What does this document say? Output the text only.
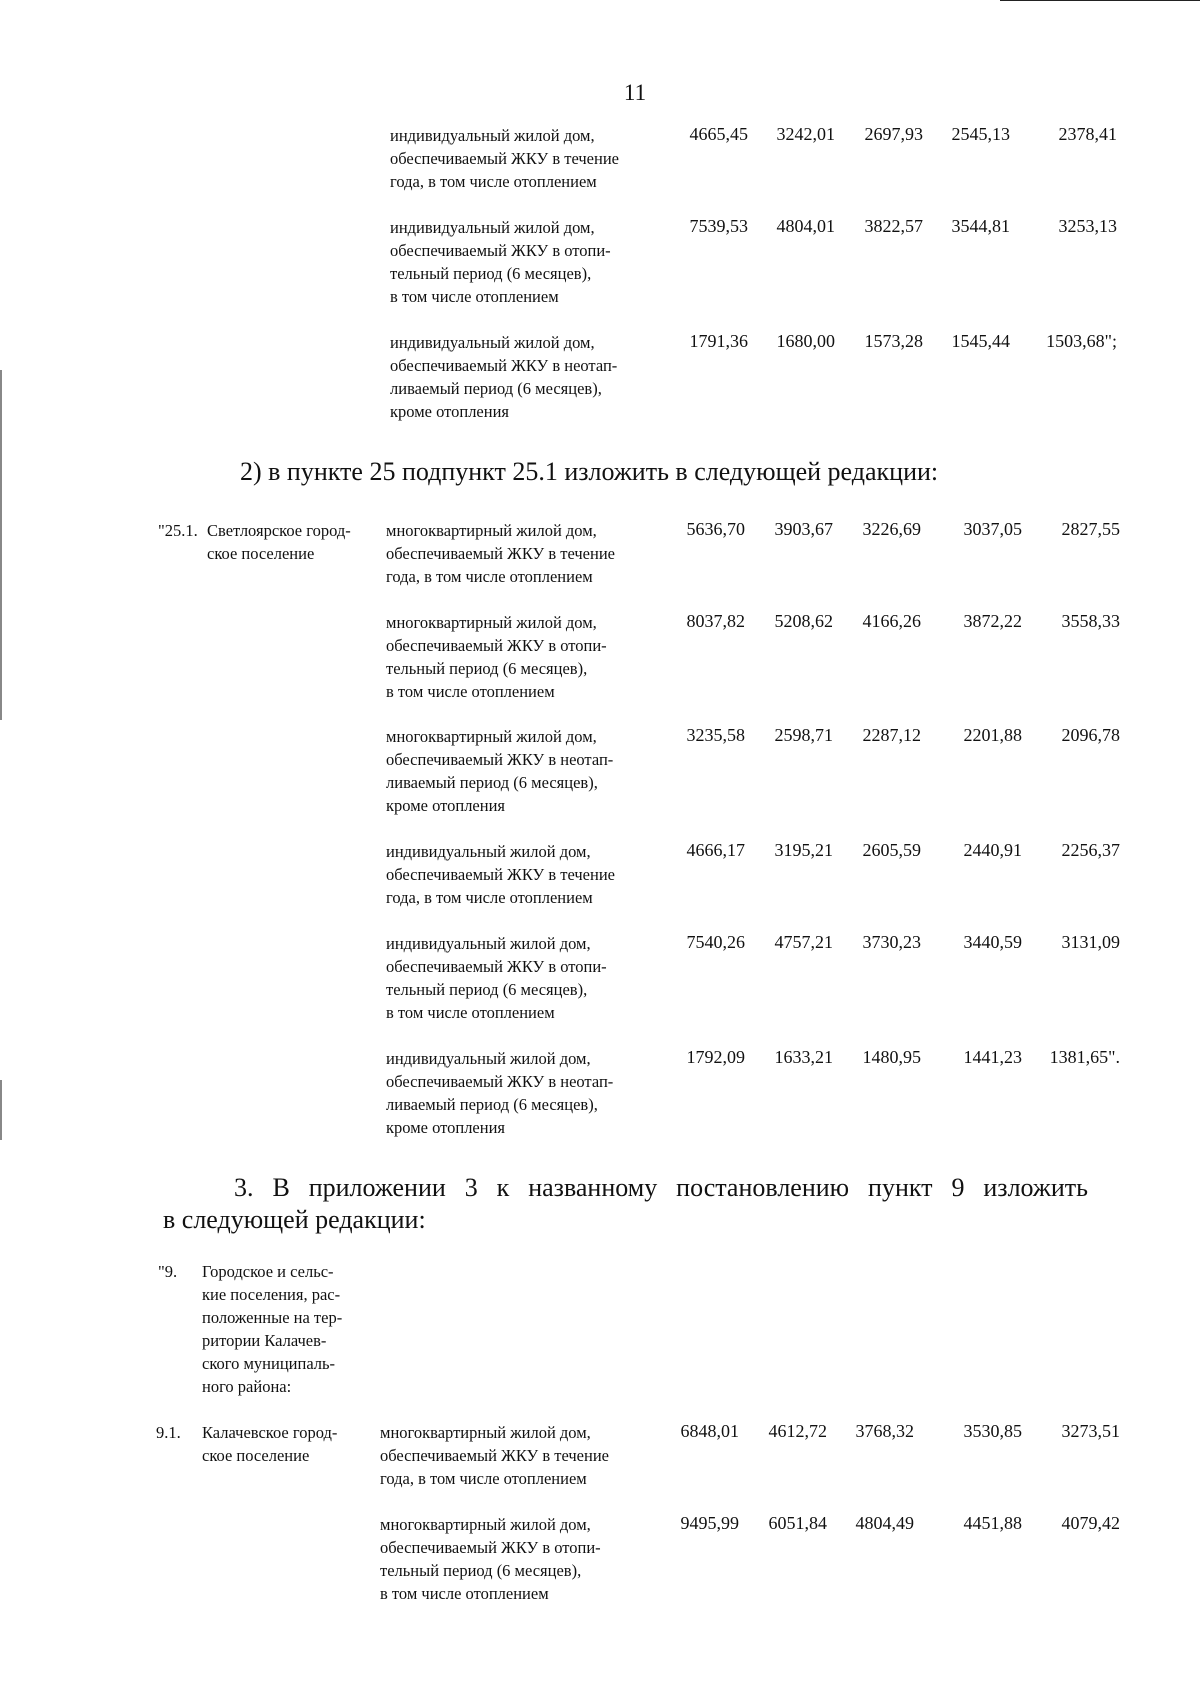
11
индивидуальный жилой дом,
обеспечиваемый ЖКУ в течение
года, в том числе отоплением
4665,45	3242,01	2697,93	2545,13	2378,41
индивидуальный жилой дом,
обеспечиваемый ЖКУ в отопи-
тельный период (6 месяцев),
в том числе отоплением
7539,53	4804,01	3822,57	3544,81	3253,13
индивидуальный жилой дом,
обеспечиваемый ЖКУ в неотап-
ливаемый период (6 месяцев),
кроме отопления
1791,36	1680,00	1573,28	1545,44	1503,68";
2) в пункте 25 подпункт 25.1 изложить в следующей редакции:
"25.1. Светлоярское город-
ское поселение
многоквартирный жилой дом,
обеспечиваемый ЖКУ в течение
года, в том числе отоплением
5636,70	3903,67	3226,69	3037,05	2827,55
многоквартирный жилой дом,
обеспечиваемый ЖКУ в отопи-
тельный период (6 месяцев),
в том числе отоплением
8037,82	5208,62	4166,26	3872,22	3558,33
многоквартирный жилой дом,
обеспечиваемый ЖКУ в неотап-
ливаемый период (6 месяцев),
кроме отопления
3235,58	2598,71	2287,12	2201,88	2096,78
индивидуальный жилой дом,
обеспечиваемый ЖКУ в течение
года, в том числе отоплением
4666,17	3195,21	2605,59	2440,91	2256,37
индивидуальный жилой дом,
обеспечиваемый ЖКУ в отопи-
тельный период (6 месяцев),
в том числе отоплением
7540,26	4757,21	3730,23	3440,59	3131,09
индивидуальный жилой дом,
обеспечиваемый ЖКУ в неотап-
ливаемый период (6 месяцев),
кроме отопления
1792,09	1633,21	1480,95	1441,23	1381,65".
3. В приложении 3 к названному постановлению пункт 9 изложить
в следующей редакции:
"9. Городское и сельс-
кие поселения, рас-
положенные на тер-
ритории Калачев-
ского муниципаль-
ного района:
9.1. Калачевское город-
ское поселение
многоквартирный жилой дом,
обеспечиваемый ЖКУ в течение
года, в том числе отоплением
6848,01	4612,72	3768,32	3530,85	3273,51
многоквартирный жилой дом,
обеспечиваемый ЖКУ в отопи-
тельный период (6 месяцев),
в том числе отоплением
9495,99	6051,84	4804,49	4451,88	4079,42
